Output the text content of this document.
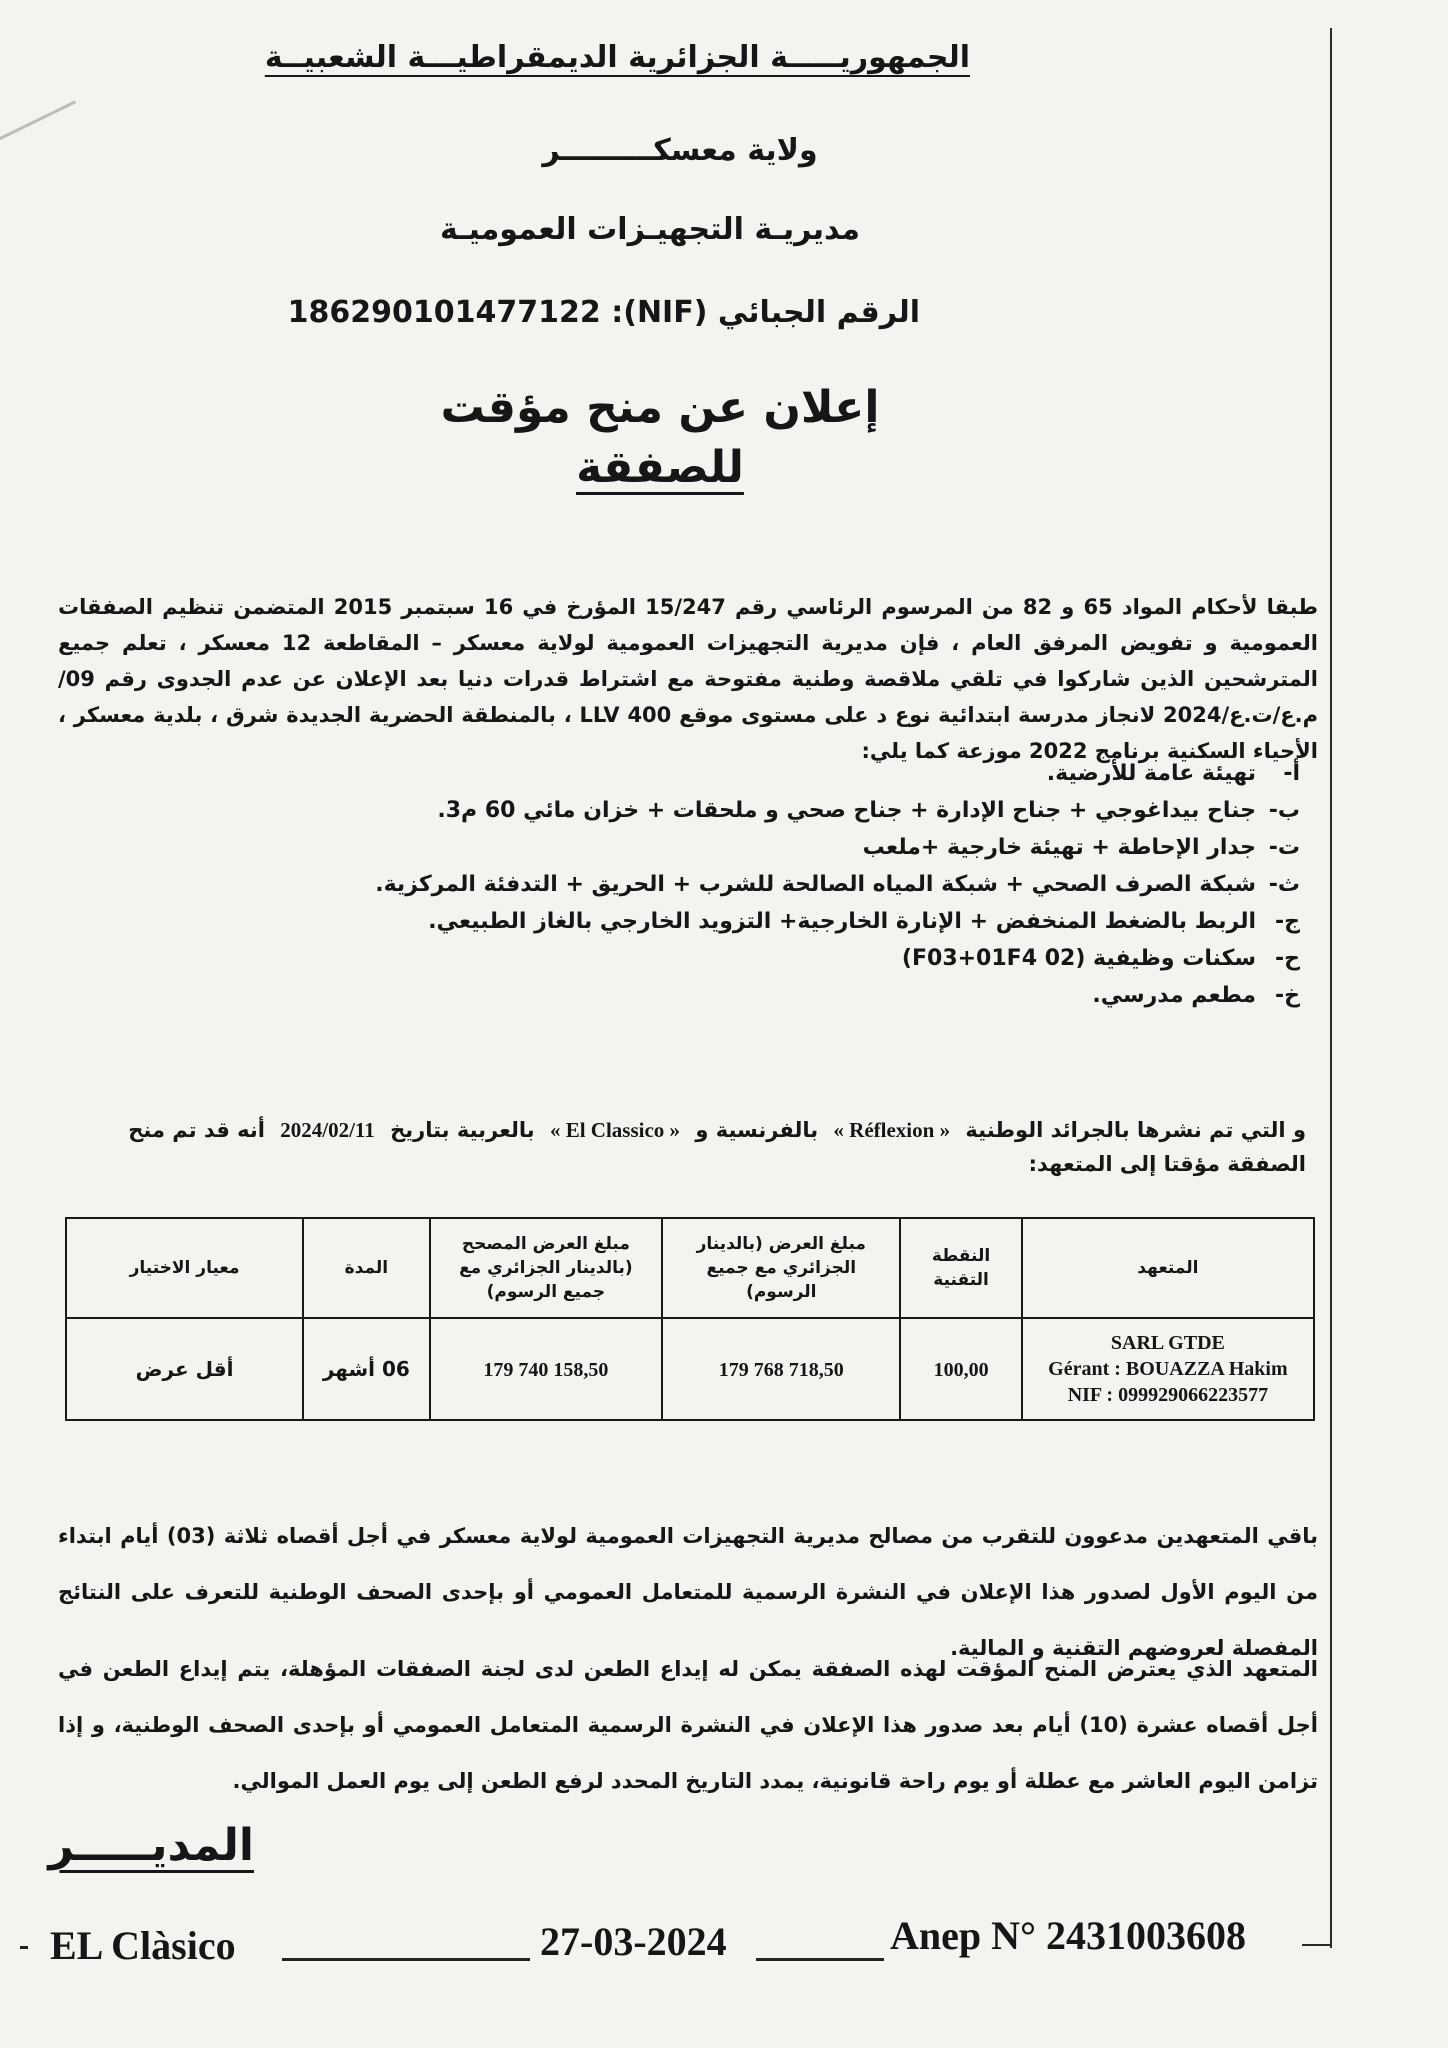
الجمهوريـــــة الجزائرية الديمقراطيـــة الشعبيــة
ولاية معسكـــــــــر
مديريـة التجهيـزات العموميـة
الرقم الجبائي (NIF): 186290101477122
إعلان عن منح مؤقت
للصفقة

طبقا لأحكام المواد 65 و 82 من المرسوم الرئاسي رقم 15/247 المؤرخ في 16 سبتمبر 2015 المتضمن تنظيم الصفقات العمومية و تفويض المرفق العام ، فإن مديرية التجهيزات العمومية لولاية معسكر – المقاطعة 12 معسكر ، تعلم جميع المترشحين الذين شاركوا في تلقي ملاقصة وطنية مفتوحة مع اشتراط قدرات دنيا بعد الإعلان عن عدم الجدوى رقم 09/م.ع/ت.ع/2024 لانجاز مدرسة ابتدائية نوع د على مستوى موقع LLV 400 ، بالمنطقة الحضرية الجديدة شرق ، بلدية معسكر ، الأحياء السكنية برنامج 2022 موزعة كما يلي:

أ-تهيئة عامة للأرضية.
ب-جناح بيداغوجي + جناح الإدارة + جناح صحي و ملحقات + خزان مائي 60 م3.
ت-جدار الإحاطة + تهيئة خارجية +ملعب
ث-شبكة الصرف الصحي + شبكة المياه الصالحة للشرب + الحريق + التدفئة المركزية.
ج-الربط بالضغط المنخفض + الإنارة الخارجية+ التزويد الخارجي بالغاز الطبيعي.
ح-سكنات وظيفية (02 F03+01F4)
خ-مطعم مدرسي.

و التي تم نشرها بالجرائد الوطنية « Réflexion » بالفرنسية و « El Classico » بالعربية بتاريخ 2024/02/11 أنه قد تم منح الصفقة مؤقتا إلى المتعهد:

المتعهد	النقطة التقنية	مبلغ العرض (بالدينار الجزائري مع جميع الرسوم)	مبلغ العرض المصحح (بالدينار الجزائري مع جميع الرسوم)	المدة	معيار الاختيار

SARL GTDE
Gérant : BOUAZZA Hakim
NIF : 099929066223577	100,00	179 768 718,50	179 740 158,50	06 أشهر	أقل عرض

باقي المتعهدين مدعوون للتقرب من مصالح مديرية التجهيزات العمومية لولاية معسكر في أجل أقصاه ثلاثة (03) أيام ابتداء من اليوم الأول لصدور هذا الإعلان في النشرة الرسمية للمتعامل العمومي أو بإحدى الصحف الوطنية للتعرف على النتائج المفصلة لعروضهم التقنية و المالية.

المتعهد الذي يعترض المنح المؤقت لهذه الصفقة يمكن له إيداع الطعن لدى لجنة الصفقات المؤهلة، يتم إيداع الطعن في أجل أقصاه عشرة (10) أيام بعد صدور هذا الإعلان في النشرة الرسمية المتعامل العمومي أو بإحدى الصحف الوطنية، و إذا تزامن اليوم العاشر مع عطلة أو يوم راحة قانونية، يمدد التاريخ المحدد لرفع الطعن إلى يوم العمل الموالي.

المديـــــر
EL Clàsico	27-03-2024	Anep N° 2431003608
